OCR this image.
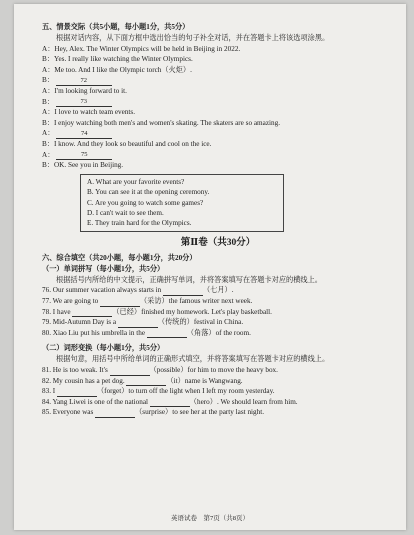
五、情景交际（共5小题，每小题1分，共5分）
根据对话内容，从下面方框中选出恰当的句子补全对话，并在答题卡上将该选项涂黑。
A：Hey, Alex. The Winter Olympics will be held in Beijing in 2022.
B：Yes. I really like watching the Winter Olympics.
A：Me too. And I like the Olympic torch（火炬）.
B：	72
A：I'm looking forward to it.
B：	73
A：I love to watch team events.
B：I enjoy watching both men's and women's skating. The skaters are so amazing.
A：	74
B：I know. And they look so beautiful and cool on the ice.
A：	75
B：OK. See you in Beijing.
A. What are your favorite events?
B. You can see it at the opening ceremony.
C. Are you going to watch some games?
D. I can't wait to see them.
E. They train hard for the Olympics.
第Ⅱ卷（共30分）
六、综合填空（共20小题，每小题1分，共20分）
（一）单词拼写（每小题1分，共5分）
根据括号内所给的中文提示，正确拼写单词，并将答案填写在答题卡对应的横线上。
76. Our summer vacation always starts in	（七月）.
77. We are going to	（采访）the famous writer next week.
78. I have	（已经）finished my homework. Let's play basketball.
79. Mid-Autumn Day is a	（传统的）festival in China.
80. Xiao Liu put his umbrella in the	（角落）of the room.
（二）词形变换（每小题1分，共5分）
根据句意，用括号中所给单词的正确形式填空，并将答案填写在答题卡对应的横线上。
81. He is too weak. It's	（possible）for him to move the heavy box.
82. My cousin has a pet dog.	（it）name is Wangwang.
83. I	（forget）to turn off the light when I left my room yesterday.
84. Yang Liwei is one of the national	（hero）. We should learn from him.
85. Everyone was	（surprise）to see her at the party last night.
英语试卷　第7页（共8页）
